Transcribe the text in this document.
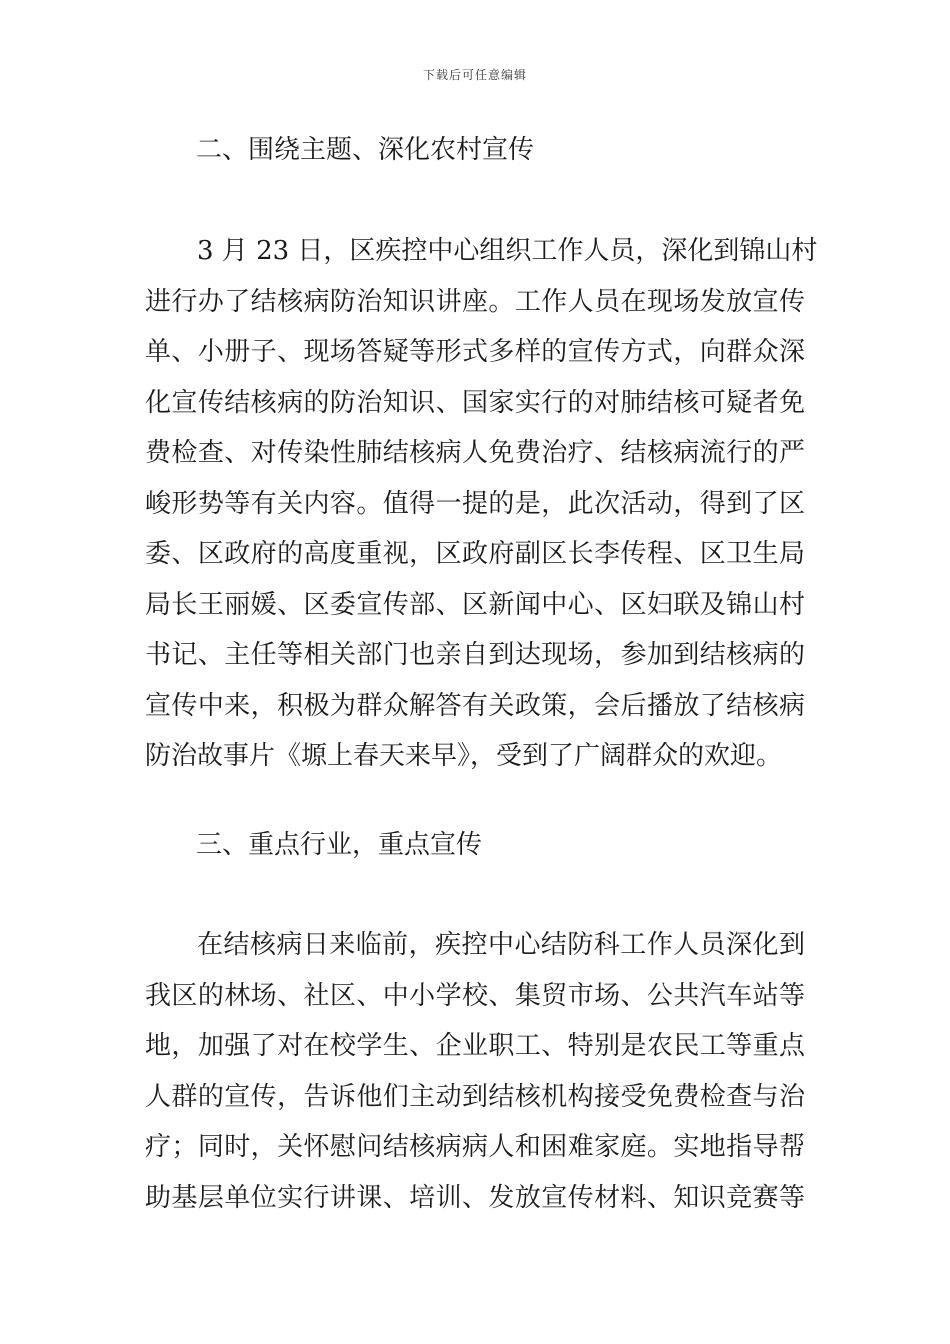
下载后可任意编辑
二、围绕主题、深化农村宣传
3 月 23 日，区疾控中心组织工作人员，深化到锦山村
进行办了结核病防治知识讲座。工作人员在现场发放宣传
单、小册子、现场答疑等形式多样的宣传方式，向群众深
化宣传结核病的防治知识、国家实行的对肺结核可疑者免
费检查、对传染性肺结核病人免费治疗、结核病流行的严
峻形势等有关内容。值得一提的是，此次活动，得到了区
委、区政府的高度重视，区政府副区长李传程、区卫生局
局长王丽媛、区委宣传部、区新闻中心、区妇联及锦山村
书记、主任等相关部门也亲自到达现场，参加到结核病的
宣传中来，积极为群众解答有关政策，会后播放了结核病
防治故事片《塬上春天来早》，受到了广阔群众的欢迎。
三、重点行业，重点宣传
在结核病日来临前，疾控中心结防科工作人员深化到
我区的林场、社区、中小学校、集贸市场、公共汽车站等
地，加强了对在校学生、企业职工、特别是农民工等重点
人群的宣传，告诉他们主动到结核机构接受免费检查与治
疗；同时，关怀慰问结核病病人和困难家庭。实地指导帮
助基层单位实行讲课、培训、发放宣传材料、知识竞赛等
